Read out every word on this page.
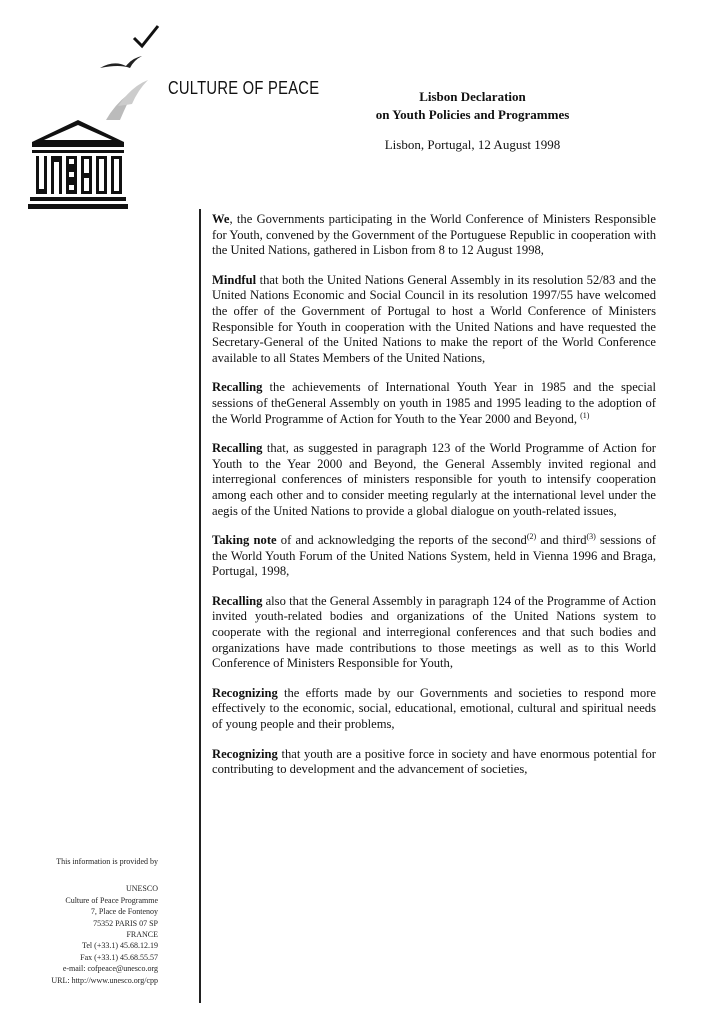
CULTURE OF PEACE	Lisbon Declaration
on Youth Policies and Programmes
Lisbon, Portugal, 12 August 1998

We, the Governments participating in the World Conference of Ministers Responsible for Youth, convened by the Government of the Portuguese Republic in cooperation with the United Nations, gathered in Lisbon from 8 to 12 August 1998,

Mindful that both the United Nations General Assembly in its resolution 52/83 and the United Nations Economic and Social Council in its resolution 1997/55 have welcomed the offer of the Government of Portugal to host a World Conference of Ministers Responsible for Youth in cooperation with the United Nations and have requested the Secretary-General of the United Nations to make the report of the World Conference available to all States Members of the United Nations,

Recalling the achievements of International Youth Year in 1985 and the special sessions of theGeneral Assembly on youth in 1985 and 1995 leading to the adoption of the World Programme of Action for Youth to the Year 2000 and Beyond, $^{(1)}$

Recalling that, as suggested in paragraph 123 of the World Programme of Action for Youth to the Year 2000 and Beyond, the General Assembly invited regional and interregional conferences of ministers responsible for youth to intensify cooperation among each other and to consider meeting regularly at the international level under the aegis of the United Nations to provide a global dialogue on youth-related issues,

Taking note of and acknowledging the reports of the second$^{(2)}$ and third$^{(3)}$ sessions of the World Youth Forum of the United Nations System, held in Vienna 1996 and Braga, Portugal, 1998,

Recalling also that the General Assembly in paragraph 124 of the Programme of Action invited youth-related bodies and organizations of the United Nations system to cooperate with the regional and interregional conferences and that such bodies and organizations have made contributions to those meetings as well as to this World Conference of Ministers Responsible for Youth,

Recognizing the efforts made by our Governments and societies to respond more effectively to the economic, social, educational, emotional, cultural and spiritual needs of young people and their problems,

Recognizing that youth are a positive force in society and have enormous potential for contributing to development and the advancement of societies,

This information is provided by
UNESCO
Culture of Peace Programme
7, Place de Fontenoy
75352 PARIS 07 SP
FRANCE
Tel (+33.1) 45.68.12.19
Fax (+33.1) 45.68.55.57
e-mail: cofpeace@unesco.org
URL: http://www.unesco.org/cpp
